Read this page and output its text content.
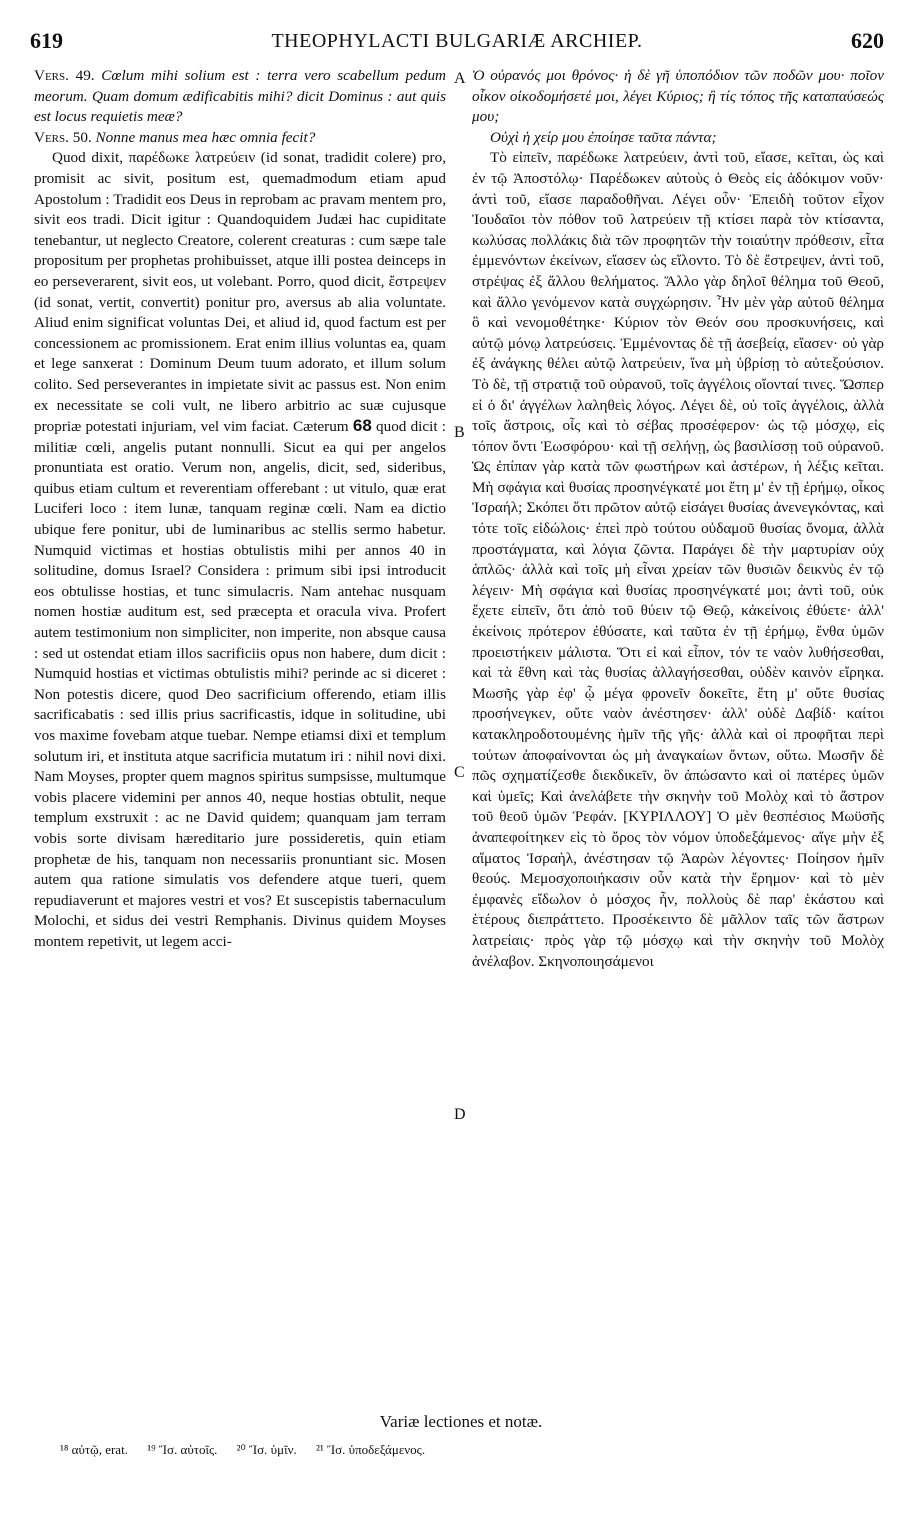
619	THEOPHYLACTI BULGARIÆ ARCHIEP.	620

Vers. 49. Cœlum mihi solium est : terra vero scabellum pedum meorum. Quam domum ædificabitis mihi? dicit Dominus : aut quis est locus requietis meæ?

Vers. 50. Nonne manus mea hæc omnia fecit?

Quod dixit, παρέδωκε λατρεύειν (id sonat, tradidit colere) pro, promisit ac sivit, positum est, quemadmodum etiam apud Apostolum : Tradidit eos Deus in reprobam ac pravam mentem pro, sivit eos tradi. Dicit igitur : Quandoquidem Judæi hac cupiditate tenebantur, ut neglecto Creatore, colerent creaturas : cum sæpe tale propositum per prophetas prohibuisset, atque illi postea deinceps in eo perseverarent, sivit eos, ut volebant. Porro, quod dicit, ἔστρεψεν (id sonat, vertit, convertit) ponitur pro, aversus ab alia voluntate. Aliud enim significat voluntas Dei, et aliud id, quod factum est per concessionem ac promissionem. Erat enim illius voluntas ea, quam et lege sanxerat : Dominum Deum tuum adorato, et illum solum colito. Sed perseverantes in impietate sivit ac passus est. Non enim ex necessitate se coli vult, ne libero arbitrio ac suæ cujusque propriæ potestati injuriam, vel vim faciat. Cæterum 68 quod dicit : militiæ cœli, angelis putant nonnulli. Sicut ea qui per angelos pronuntiata est oratio. Verum non, angelis, dicit, sed, sideribus, quibus etiam cultum et reverentiam offerebant : ut vitulo, quæ erat Luciferi loco : item lunæ, tanquam reginæ cœli. Nam ea dictio ubique fere ponitur, ubi de luminaribus ac stellis sermo habetur. Numquid victimas et hostias obtulistis mihi per annos 40 in solitudine, domus Israel? Considera : primum sibi ipsi introducit eos obtulisse hostias, et tunc simulacris. Nam antehac nusquam nomen hostiæ auditum est, sed præcepta et oracula viva. Profert autem testimonium non simpliciter, non imperite, non absque causa : sed ut ostendat etiam illos sacrificiis opus non habere, dum dicit : Numquid hostias et victimas obtulistis mihi? perinde ac si diceret : Non potestis dicere, quod Deo sacrificium offerendo, etiam illis sacrificabatis : sed illis prius sacrificastis, idque in solitudine, ubi vos maxime fovebam atque tuebar. Nempe etiamsi dixi et templum solutum iri, et instituta atque sacrificia mutatum iri : nihil novi dixi. Nam Moyses, propter quem magnos spiritus sumpsisse, multumque vobis placere videmini per annos 40, neque hostias obtulit, neque templum exstruxit : ac ne David quidem; quanquam jam terram vobis sorte divisam hæreditario jure possideretis, quin etiam prophetæ de his, tanquam non necessariis pronuntiant sic. Mosen autem qua ratione simulatis vos defendere atque tueri, quem repudiaverunt et majores vestri et vos? Et suscepistis tabernaculum Molochi, et sidus dei vestri Remphanis. Divinus quidem Moyses montem repetivit, ut legem acci-

A
B
C
D

Ὁ οὐρανός μοι θρόνος· ἡ δὲ γῆ ὑποπόδιον τῶν ποδῶν μου· ποῖον οἶκον οἰκοδομήσετέ μοι, λέγει Κύριος; ἢ τίς τόπος τῆς καταπαύσεώς μου;

Οὐχὶ ἡ χείρ μου ἐποίησε ταῦτα πάντα;

Τὸ εἰπεῖν, παρέδωκε λατρεύειν, ἀντὶ τοῦ, εἴασε, κεῖται, ὡς καὶ ἐν τῷ Ἀποστόλῳ· Παρέδωκεν αὐτοὺς ὁ Θεὸς εἰς ἀδόκιμον νοῦν· ἀντὶ τοῦ, εἴασε παραδοθῆναι. Λέγει οὖν· Ἐπειδὴ τοῦτον εἶχον Ἰουδαῖοι τὸν πόθον τοῦ λατρεύειν τῇ κτίσει παρὰ τὸν κτίσαντα, κωλύσας πολλάκις διὰ τῶν προφητῶν τὴν τοιαύτην πρόθεσιν, εἶτα ἐμμενόντων ἐκείνων, εἴασεν ὡς εἵλοντο. Τὸ δὲ ἔστρεψεν, ἀντὶ τοῦ, στρέψας ἐξ ἄλλου θελήματος. Ἄλλο γὰρ δηλοῖ θέλημα τοῦ Θεοῦ, καὶ ἄλλο γενόμενον κατὰ συγχώρησιν. Ἦν μὲν γὰρ αὐτοῦ θέλημα ὃ καὶ νενομοθέτηκε· Κύριον τὸν Θεόν σου προσκυνήσεις, καὶ αὐτῷ μόνῳ λατρεύσεις. Ἐμμένοντας δὲ τῇ ἀσεβείᾳ, εἴασεν· οὐ γὰρ ἐξ ἀνάγκης θέλει αὐτῷ λατρεύειν, ἵνα μὴ ὑβρίσῃ τὸ αὐτεξούσιον. Τὸ δὲ, τῇ στρατιᾷ τοῦ οὐρανοῦ, τοῖς ἀγγέλοις οἴονταί τινες. Ὥσπερ εἰ ὁ δι' ἀγγέλων λαληθεὶς λόγος. Λέγει δὲ, οὐ τοῖς ἀγγέλοις, ἀλλὰ τοῖς ἄστροις, οἷς καὶ τὸ σέβας προσέφερον· ὡς τῷ μόσχῳ, εἰς τόπον ὄντι Ἑωσφόρου· καὶ τῇ σελήνῃ, ὡς βασιλίσσῃ τοῦ οὐρανοῦ. Ὡς ἐπίπαν γὰρ κατὰ τῶν φωστήρων καὶ ἀστέρων, ἡ λέξις κεῖται. Μὴ σφάγια καὶ θυσίας προσηνέγκατέ μοι ἔτη μ' ἐν τῇ ἐρήμῳ, οἶκος Ἰσραήλ; Σκόπει ὅτι πρῶτον αὐτῷ εἰσάγει θυσίας ἀνενεγκόντας, καὶ τότε τοῖς εἰδώλοις· ἐπεὶ πρὸ τούτου οὐδαμοῦ θυσίας ὄνομα, ἀλλὰ προστάγματα, καὶ λόγια ζῶντα. Παράγει δὲ τὴν μαρτυρίαν οὐχ ἁπλῶς· ἀλλὰ καὶ τοῖς μὴ εἶναι χρείαν τῶν θυσιῶν δεικνὺς ἐν τῷ λέγειν· Μὴ σφάγια καὶ θυσίας προσηνέγκατέ μοι; ἀντὶ τοῦ, οὐκ ἔχετε εἰπεῖν, ὅτι ἀπὸ τοῦ θύειν τῷ Θεῷ, κἀκείνοις ἐθύετε· ἀλλ' ἐκείνοις πρότερον ἐθύσατε, καὶ ταῦτα ἐν τῇ ἐρήμῳ, ἔνθα ὑμῶν προειστήκειν μάλιστα. Ὅτι εἰ καὶ εἶπον, τόν τε ναὸν λυθήσεσθαι, καὶ τὰ ἔθνη καὶ τὰς θυσίας ἀλλαγήσεσθαι, οὐδὲν καινὸν εἴρηκα. Μωσῆς γὰρ ἐφ' ᾧ μέγα φρονεῖν δοκεῖτε, ἔτη μ' οὔτε θυσίας προσήνεγκεν, οὔτε ναὸν ἀνέστησεν· ἀλλ' οὐδὲ Δαβίδ· καίτοι κατακληροδοτουμένης ἡμῖν τῆς γῆς· ἀλλὰ καὶ οἱ προφῆται περὶ τούτων ἀποφαίνονται ὡς μὴ ἀναγκαίων ὄντων, οὕτω. Μωσῆν δὲ πῶς σχηματίζεσθε διεκδικεῖν, ὃν ἀπώσαντο καὶ οἱ πατέρες ὑμῶν καὶ ὑμεῖς; Καὶ ἀνελάβετε τὴν σκηνὴν τοῦ Μολὸχ καὶ τὸ ἄστρον τοῦ θεοῦ ὑμῶν Ῥεφάν. [ΚΥΡΙΛΛΟΥ] Ὁ μὲν θεσπέσιος Μωϋσῆς ἀναπεφοίτηκεν εἰς τὸ ὄρος τὸν νόμον ὑποδεξάμενος· αἵγε μὴν ἐξ αἵματος Ἰσραὴλ, ἀνέστησαν τῷ Ἀαρὼν λέγοντες· Ποίησον ἡμῖν θεούς. Μεμοσχοποιήκασιν οὖν κατὰ τὴν ἔρημον· καὶ τὸ μὲν ἐμφανὲς εἴδωλον ὁ μόσχος ἦν, πολλοὺς δὲ παρ' ἑκάστου καὶ ἑτέρους διεπράττετο. Προσέκειντο δὲ μᾶλλον ταῖς τῶν ἄστρων λατρείαις· πρὸς γὰρ τῷ μόσχῳ καὶ τὴν σκηνὴν τοῦ Μολὸχ ἀνέλαβον. Σκηνοποιησάμενοι

Variæ lectiones et notæ.
¹⁸ αὐτῷ, erat. ¹⁹ Ἴσ. αὐτοῖς. ²⁰ Ἴσ. ὑμῖν. ²¹ Ἴσ. ὑποδεξάμενος.
